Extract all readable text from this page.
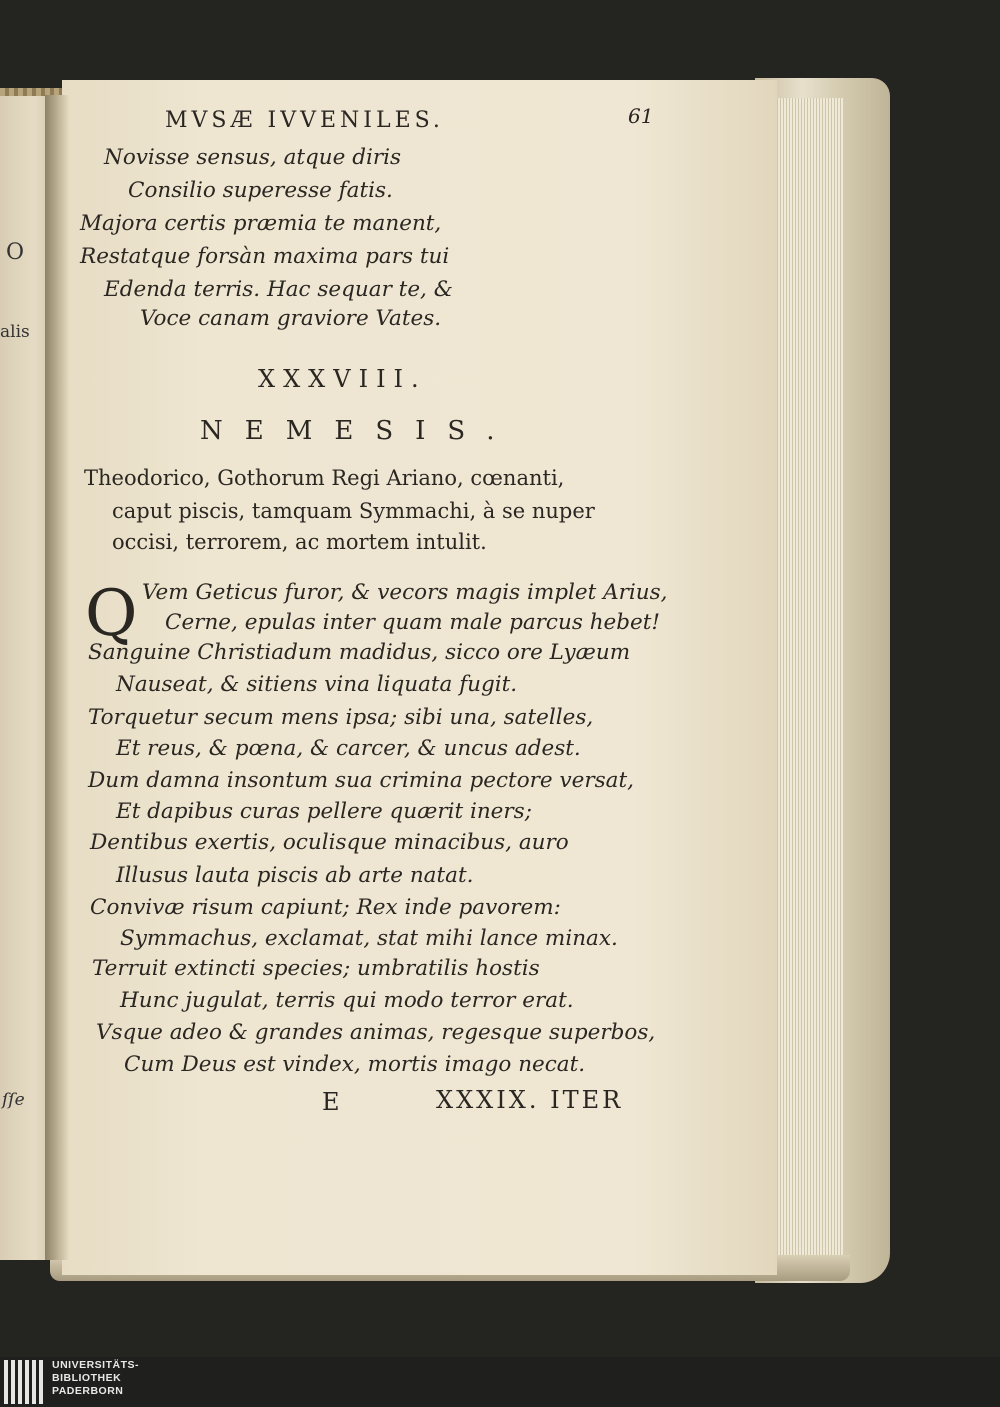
O
alis
ſſe
MVSÆ IVVENILES.	61
Novisse sensus, atque diris
Consilio superesse fatis.
Majora certis præmia te manent,
Restatque forsàn maxima pars tui
Edenda terris. Hac sequar te, &
Voce canam graviore Vates.
XXXVIII.
NEMESIS.
Theodorico, Gothorum Regi Ariano, cœnanti,
caput piscis, tamquam Symmachi, à se nuper
occisi, terrorem, ac mortem intulit.
Q Vem Geticus furor, & vecors magis implet Arius,
Cerne, epulas inter quam male parcus hebet!
Sanguine Christiadum madidus, sicco ore Lyæum
Nauseat, & sitiens vina liquata fugit.
Torquetur secum mens ipsa; sibi una, satelles,
Et reus, & pœna, & carcer, & uncus adest.
Dum damna insontum sua crimina pectore versat,
Et dapibus curas pellere quærit iners;
Dentibus exertis, oculisque minacibus, auro
Illusus lauta piscis ab arte natat.
Convivæ risum capiunt; Rex inde pavorem:
Symmachus, exclamat, stat mihi lance minax.
Terruit extincti species; umbratilis hostis
Hunc jugulat, terris qui modo terror erat.
Vsque adeo & grandes animas, regesque superbos,
Cum Deus est vindex, mortis imago necat.
E	XXXIX. ITER
UNIVERSITÄTS-
BIBLIOTHEK
PADERBORN
